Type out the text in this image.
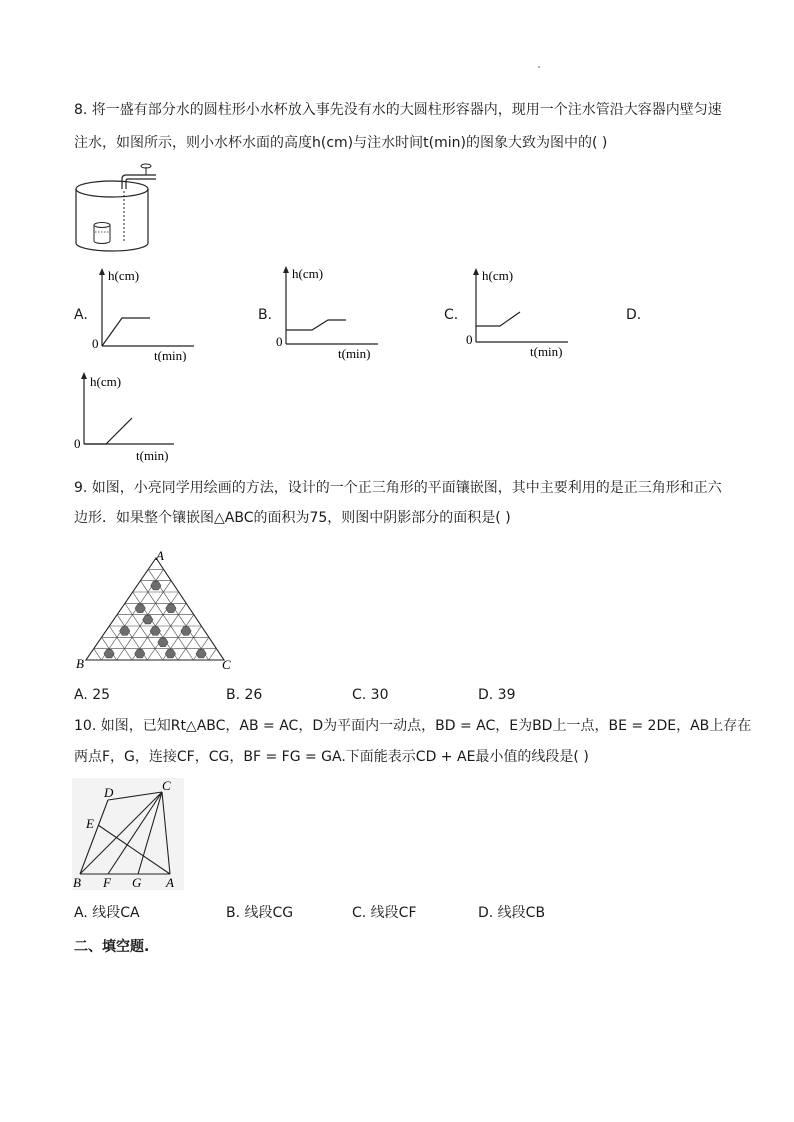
8. 将一盛有部分水的圆柱形小水杯放入事先没有水的大圆柱形容器内，现用一个注水管沿大容器内壁匀速
注水，如图所示，则小水杯水面的高度h(cm)与注水时间t(min)的图象大致为图中的( )
A.	B.	C.	D.
h(cm)
0
t(min)
h(cm)
0
t(min)
h(cm)
0
t(min)
h(cm)
0
t(min)
9. 如图，小亮同学用绘画的方法，设计的一个正三角形的平面镶嵌图，其中主要利用的是正三角形和正六
边形．如果整个镶嵌图△ABC的面积为75，则图中阴影部分的面积是( )
A
B	C
A. 25	B. 26	C. 30	D. 39
10. 如图，已知Rt△ABC，AB = AC，D为平面内一动点，BD = AC，E为BD上一点，BE = 2DE，AB上存在
两点F，G，连接CF，CG，BF = FG = GA.下面能表示CD + AE最小值的线段是( )
D	C
E
B F G A
A. 线段CA	B. 线段CG	C. 线段CF	D. 线段CB
二、填空题.
